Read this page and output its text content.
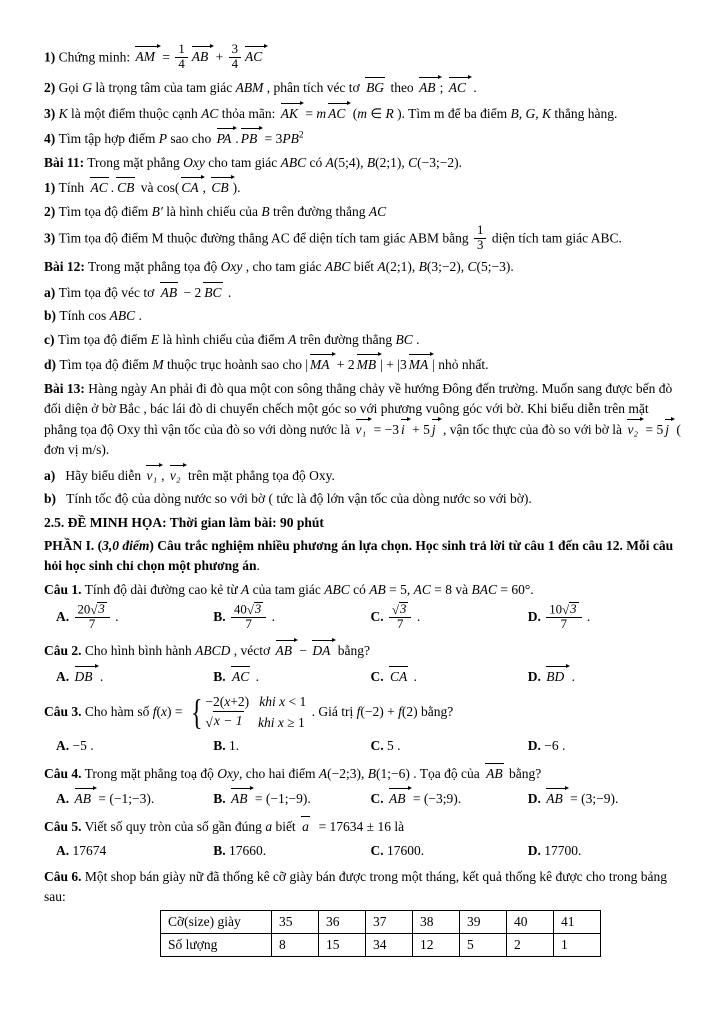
1) Chứng minh: AM = $\frac{1}{4}$ AB + $\frac{3}{4}$ AC
2) Gọi G là trọng tâm của tam giác ABM , phân tích véc tơ BG theo AB ; AC .
3) K là một điểm thuộc cạnh AC thỏa mãn: AK = m AC (m ∈ R ). Tìm m để ba điểm B, G, K thẳng hàng.
4) Tìm tập hợp điểm P sao cho PA . PB = $3PB^2$
Bài 11: Trong mặt phẳng Oxy cho tam giác ABC có A(5;4), B(2;1), C(−3;−2).
1) Tính AC . CB và cos( CA , CB ).
2) Tìm tọa độ điểm B′ là hình chiếu của B trên đường thẳng AC
3) Tìm tọa độ điểm M thuộc đường thẳng AC để diện tích tam giác ABM bằng $\frac{1}{3}$ diện tích tam giác ABC.
Bài 12: Trong mặt phẳng tọa độ Oxy , cho tam giác ABC biết A(2;1), B(3;−2), C(5;−3).
a) Tìm tọa độ véc tơ AB − 2 BC .
b) Tính cos ABC .
c) Tìm tọa độ điểm E là hình chiếu của điểm A trên đường thẳng BC .
d) Tìm tọa độ điểm M thuộc trục hoành sao cho | MA + 2 MB | + |3 MA | nhỏ nhất.
Bài 13: Hàng ngày An phải đi đò qua một con sông thẳng chảy về hướng Đông đến trường. Muốn sang được bến đò đối diện ở bờ Bắc , bác lái đò di chuyển chếch một góc so với phương vuông góc với bờ. Khi biểu diễn trên mặt phẳng tọa độ Oxy thì vận tốc của đò so với dòng nước là v₁ = −3 i + 5 j , vận tốc thực của đò so với bờ là v₂ = 5 j ( đơn vị m/s).
a)   Hãy biểu diễn v₁ , v₂ trên mặt phẳng tọa độ Oxy.
b)   Tính tốc độ của dòng nước so với bờ ( tức là độ lớn vận tốc của dòng nước so với bờ).
2.5. ĐỀ MINH HỌA: Thời gian làm bài: 90 phút
PHẦN I. (3,0 điểm) Câu trắc nghiệm nhiều phương án lựa chọn. Học sinh trả lời từ câu 1 đến câu 12. Mỗi câu hỏi học sinh chỉ chọn một phương án.
Câu 1. Tính độ dài đường cao kẻ từ A của tam giác ABC có AB = 5, AC = 8 và BAC = 60°.
A. $\frac{20 √ 3}{7}$ .	B. $\frac{40 √ 3}{7}$ .	C. $\frac{√ 3}{7}$ .	D. $\frac{10 √ 3}{7}$ .
Câu 2. Cho hình bình hành ABCD , véctơ AB − DA bằng?
A. DB .	B. AC .	C. CA .	D. BD .
Câu 3. Cho hàm số f(x) = { −2(x+2)   khi x < 1
√ x − 1 khi x ≥ 1
. Giá trị f(−2) + f(2) bằng?
A. −5 .	B. 1.	C. 5 .	D. −6 .
Câu 4. Trong mặt phẳng toạ độ Oxy, cho hai điểm A(−2;3), B(1;−6) . Tọa độ của AB bằng?
A. AB = (−1;−3).	B. AB = (−1;−9).	C. AB = (−3;9).	D. AB = (3;−9).
Câu 5. Viết số quy tròn của số gần đúng a biết a  = 17634 ± 16 là
A. 17674	B. 17660.	C. 17600.	D. 17700.
Câu 6. Một shop bán giày nữ đã thống kê cỡ giày bán được trong một tháng, kết quả thống kê được cho trong bảng sau:
Cỡ(size) giày	35	36	37	38	39	40	41
Số lượng	8	15	34	12	5	2	1
